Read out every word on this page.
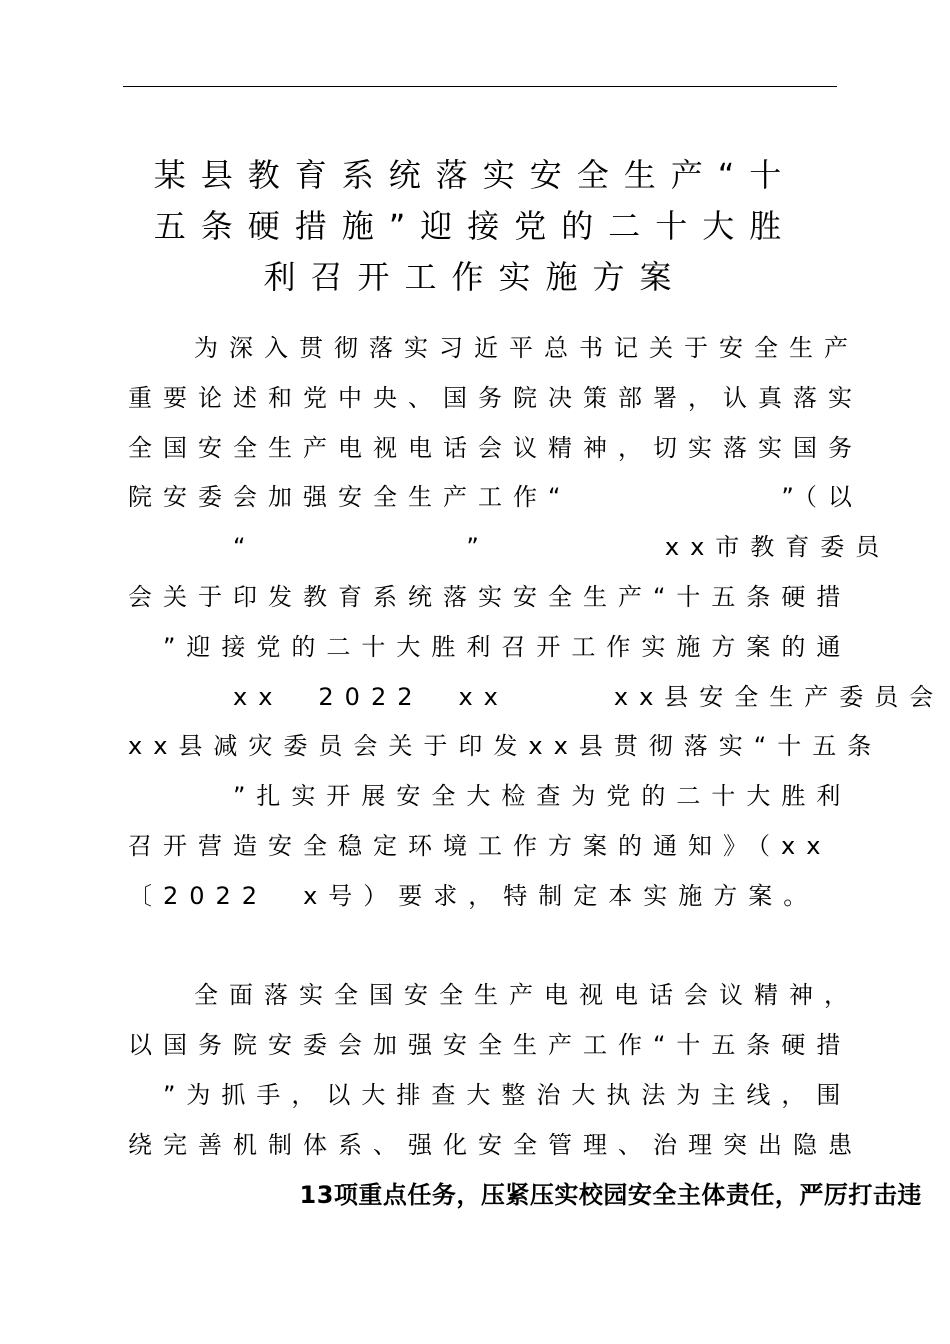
某县教育系统落实安全生产“十
五条硬措施”迎接党的二十大胜
利召开工作实施方案
为深入贯彻落实习近平总书记关于安全生产
重要论述和党中央、国务院决策部署，认真落实
全国安全生产电视电话会议精神，切实落实国务
院安委会加强安全生产工作“　　　　　　”（以
　　　“　　　　　　”　　　　　xx市教育委员
会关于印发教育系统落实安全生产“十五条硬措
　”迎接党的二十大胜利召开工作实施方案的通
　　　xx　2022　xx　　　xx县安全生产委员会
xx县减灾委员会关于印发xx县贯彻落实“十五条
　　　”扎实开展安全大检查为党的二十大胜利
召开营造安全稳定环境工作方案的通知》（xx
〔2022　x号）要求，特制定本实施方案。

全面落实全国安全生产电视电话会议精神，
以国务院安委会加强安全生产工作“十五条硬措
　”为抓手，以大排查大整治大执法为主线，围
绕完善机制体系、强化安全管理、治理突出隐患
　　　　　　　13项重点任务，压紧压实校园安全主体责任，严厉打击违
